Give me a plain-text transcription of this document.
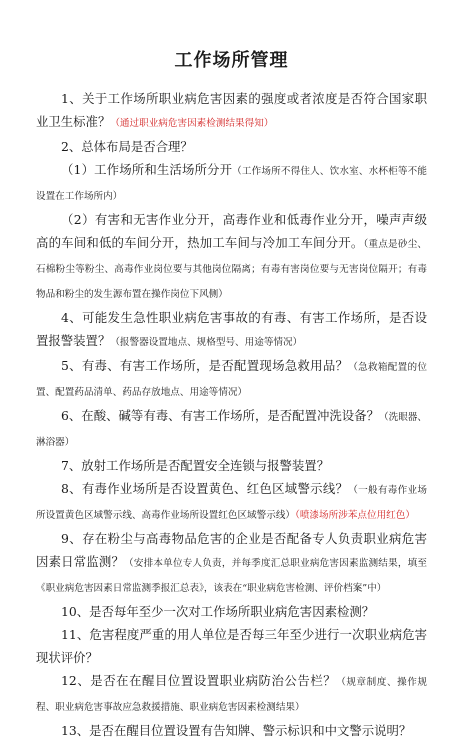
工作场所管理

1、关于工作场所职业病危害因素的强度或者浓度是否符合国家职业卫生标准？（通过职业病危害因素检测结果得知）

2、总体布局是否合理？

（1）工作场所和生活场所分开（工作场所不得住人、饮水室、水杯柜等不能设置在工作场所内）

（2）有害和无害作业分开，高毒作业和低毒作业分开，噪声声级高的车间和低的车间分开，热加工车间与冷加工车间分开。（重点是砂尘、石棉粉尘等粉尘、高毒作业岗位要与其他岗位隔离；有毒有害岗位要与无害岗位隔开；有毒物品和粉尘的发生源布置在操作岗位下风侧）

4、可能发生急性职业病危害事故的有毒、有害工作场所，是否设置报警装置？（报警器设置地点、规格型号、用途等情况）

5、有毒、有害工作场所，是否配置现场急救用品？（急救箱配置的位置、配置药品清单、药品存放地点、用途等情况）

6、在酸、碱等有毒、有害工作场所，是否配置冲洗设备？（洗眼器、淋浴器）

7、放射工作场所是否配置安全连锁与报警装置？

8、有毒作业场所是否设置黄色、红色区域警示线？（一般有毒作业场所设置黄色区域警示线、高毒作业场所设置红色区域警示线）（喷漆场所涉苯点位用红色）

9、存在粉尘与高毒物品危害的企业是否配备专人负责职业病危害因素日常监测？（安排本单位专人负责，并每季度汇总职业病危害因素监测结果，填至《职业病危害因素日常监测季报汇总表》，该表在“职业病危害检测、评价档案”中）

10、是否每年至少一次对工作场所职业病危害因素检测？

11、危害程度严重的用人单位是否每三年至少进行一次职业病危害现状评价？

12、是否在在醒目位置设置职业病防治公告栏？（规章制度、操作规程、职业病危害事故应急救援措施、职业病危害因素检测结果）

13、是否在醒目位置设置有告知牌、警示标识和中文警示说明？
